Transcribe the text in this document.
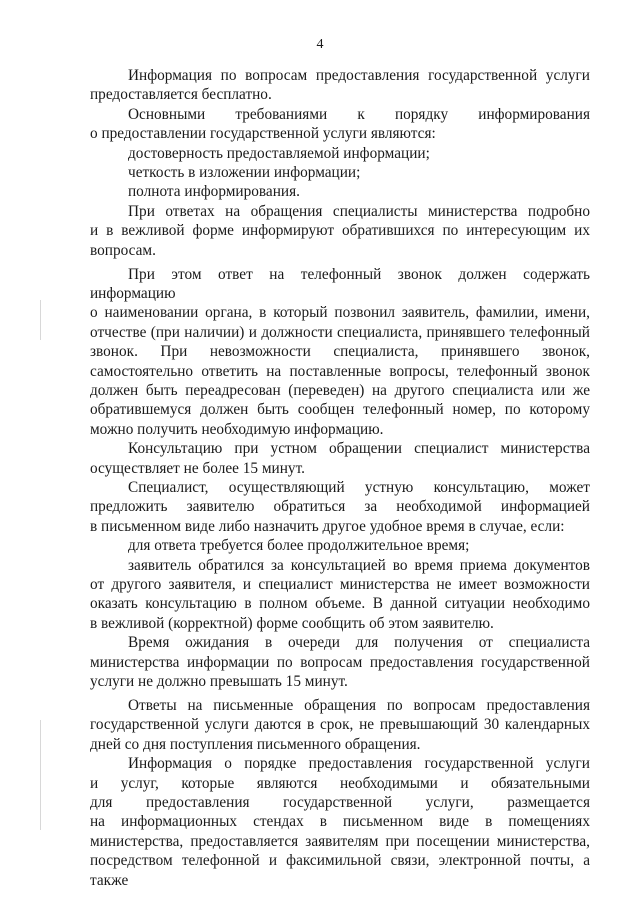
4
Информация по вопросам предоставления государственной услуги
предоставляется бесплатно.
Основными требованиями к порядку информирования
о предоставлении государственной услуги являются:
достоверность предоставляемой информации;
четкость в изложении информации;
полнота информирования.
При ответах на обращения специалисты министерства подробно
и в вежливой форме информируют обратившихся по интересующим их
вопросам.
При этом ответ на телефонный звонок должен содержать информацию
о наименовании органа, в который позвонил заявитель, фамилии, имени,
отчестве (при наличии) и должности специалиста, принявшего телефонный
звонок. При невозможности специалиста, принявшего звонок,
самостоятельно ответить на поставленные вопросы, телефонный звонок
должен быть переадресован (переведен) на другого специалиста или же
обратившемуся должен быть сообщен телефонный номер, по которому
можно получить необходимую информацию.
Консультацию при устном обращении специалист министерства
осуществляет не более 15 минут.
Специалист, осуществляющий устную консультацию, может
предложить заявителю обратиться за необходимой информацией
в письменном виде либо назначить другое удобное время в случае, если:
для ответа требуется более продолжительное время;
заявитель обратился за консультацией во время приема документов
от другого заявителя, и специалист министерства не имеет возможности
оказать консультацию в полном объеме. В данной ситуации необходимо
в вежливой (корректной) форме сообщить об этом заявителю.
Время ожидания в очереди для получения от специалиста
министерства информации по вопросам предоставления государственной
услуги не должно превышать 15 минут.
Ответы на письменные обращения по вопросам предоставления
государственной услуги даются в срок, не превышающий 30 календарных
дней со дня поступления письменного обращения.
Информация о порядке предоставления государственной услуги
и услуг, которые являются необходимыми и обязательными
для предоставления государственной услуги, размещается
на информационных стендах в письменном виде в помещениях
министерства, предоставляется заявителям при посещении министерства,
посредством телефонной и факсимильной связи, электронной почты, а также
